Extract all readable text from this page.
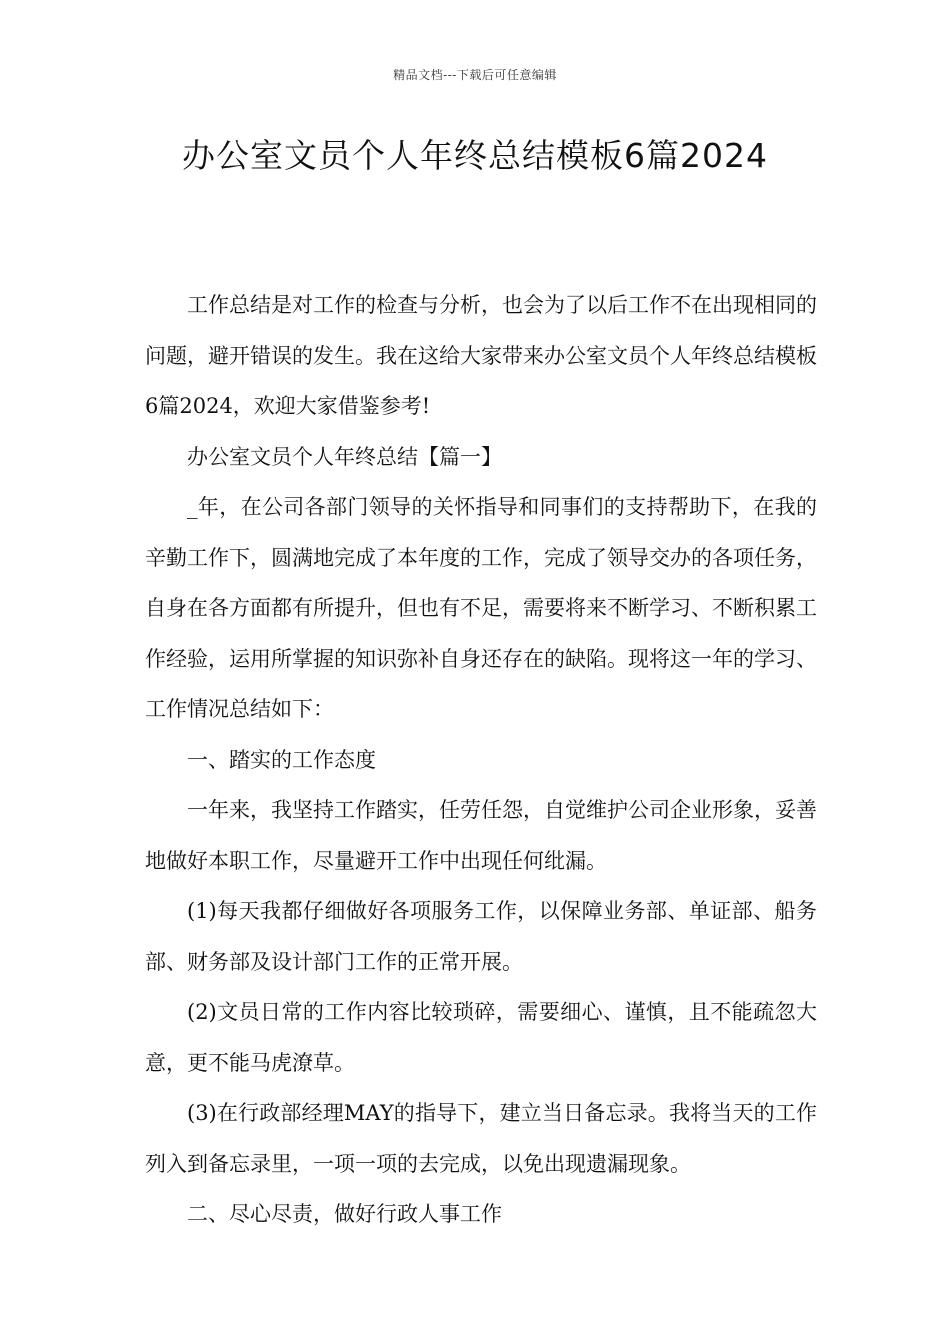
精品文档---下载后可任意编辑
办公室文员个人年终总结模板6篇2024

工作总结是对工作的检查与分析，也会为了以后工作不在出现相同的问题，避开错误的发生。我在这给大家带来办公室文员个人年终总结模板6篇2024，欢迎大家借鉴参考!

办公室文员个人年终总结【篇一】

_年，在公司各部门领导的关怀指导和同事们的支持帮助下，在我的辛勤工作下，圆满地完成了本年度的工作，完成了领导交办的各项任务，自身在各方面都有所提升，但也有不足，需要将来不断学习、不断积累工作经验，运用所掌握的知识弥补自身还存在的缺陷。现将这一年的学习、工作情况总结如下：

一、踏实的工作态度

一年来，我坚持工作踏实，任劳任怨，自觉维护公司企业形象，妥善地做好本职工作，尽量避开工作中出现任何纰漏。

(1)每天我都仔细做好各项服务工作，以保障业务部、单证部、船务部、财务部及设计部门工作的正常开展。

(2)文员日常的工作内容比较琐碎，需要细心、谨慎，且不能疏忽大意，更不能马虎潦草。

(3)在行政部经理MAY的指导下，建立当日备忘录。我将当天的工作列入到备忘录里，一项一项的去完成，以免出现遗漏现象。

二、尽心尽责，做好行政人事工作
